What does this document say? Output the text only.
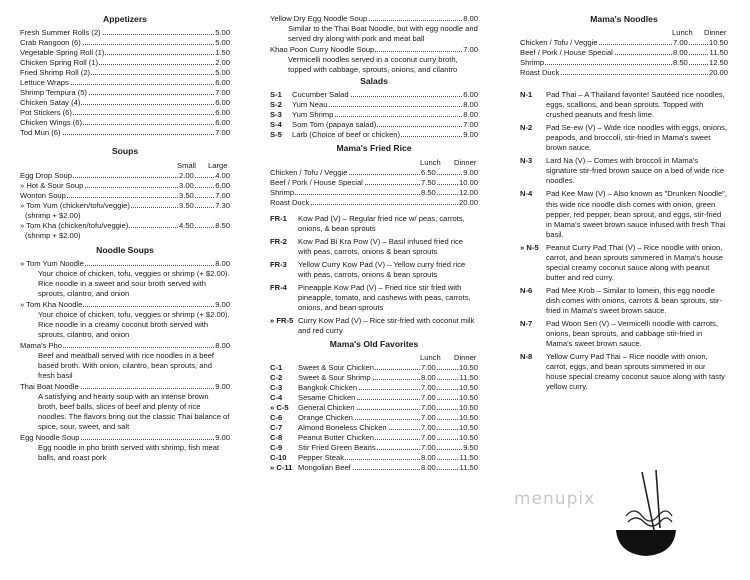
Appetizers
Fresh Summer Rolls (2)	5.00
Crab Rangoon (6)	5.00
Vegetable Spring Roll (1)	1.50
Chicken Spring Roll (1)	2.00
Fried Shrimp Roll (2)	5.00
Lettuce Wraps	6.00
Shrimp Tempura (5)	7.00
Chicken Satay (4)	6.00
Pot Stickers (6)	6.00
Chicken Wings (6)	6.00
Tod Mun (6)	7.00
Soups
Small Large
Egg Drop Soup	2.00	4.00
» Hot & Sour Soup	3.00	6.00
Wonton Soup	3.50	7.00
» Tom Yum (chicken/tofu/veggie)	3.50	7.30
(shrimp + $2.00)
» Tom Kha (chicken/tofu/veggie)	4.50	8.50
(shrimp + $2.00)
Noodle Soups
» Tom Yum Noodle	8.00
Your choice of chicken, tofu, veggies or shrimp (+ $2.00). Rice noodle in a sweet and sour broth served with sprouts, cilantro, and onion
» Tom Kha Noodle	9.00
Your choice of chicken, tofu, veggies or shrimp (+ $2.00). Rice noodle in a creamy coconut broth served with sprouts, cilantro, and onion
Mama's Pho	8.00
Beef and meatball served with rice noodles in a beef based broth. With onion, cilantro, bean sprouts, and fresh basil
Thai Boat Noodle	9.00
A satisfying and hearty soup with an intense brown broth, beef balls, slices of beef and plenty of rice noodles. The flavors bring out the classic Thai balance of spice, sour, sweet, and salt
Egg Noodle Soup	9.00
Egg noodle in pho broth served with shrimp, fish meat balls, and roast pork
Yellow Dry Egg Noodle Soup	8.00
Similar to the Thai Boat Noodle, but with egg noodle and served dry along with pork and meat ball
Khao Poon Curry Noodle Soup	7.00
Vermicelli noodles served in a coconut curry broth, topped with cabbage, sprouts, onions, and cilantro
Salads
S-1 Cucumber Salad	6.00
S-2 Yum Neau	8.00
S-3 Yum Shrimp	8.00
S-4 Som Tom (papaya salad)	7.00
S-5 Larb (Choice of beef or chicken)	9.00
Mama's Fried Rice
Lunch Dinner
Chicken / Tofu / Veggie	6.50	9.00
Beef / Pork / House Special	7.50	10.00
Shrimp	8.50	12.00
Roast Duck	20.00
FR-1	Kow Pad (V) – Regular fried rice w/ peas, carrots, onions, & bean sprouts
FR-2	Kow Pad Bi Kra Pow (V) – Basil infused fried rice with peas, carrots, onions & bean sprouts
FR-3	Yellow Curry Kow Pad (V) – Yellow curry fried rice with peas, carrots, onions & bean sprouts
FR-4	Pineapple Kow Pad (V) – Fried rice stir fried with pineapple, tomato, and cashews with peas, carrots, onions, and bean sprouts
» FR-5 Curry Kow Pad (V) – Rice stir-fried with coconut milk and red curry
Mama's Old Favorites
Lunch Dinner
C-1 Sweet & Sour Chicken	7.00	10.50
C-2 Sweet & Sour Shrimp	8.00	11.50
C-3 Bangkok Chicken	7.00	10.50
C-4 Sesame Chicken	7.00	10.50
» C-5 General Chicken	7.00	10.50
C-6 Orange Chicken	7.00	10.50
C-7 Almond Boneless Chicken	7.00	10.50
C-8 Peanut Butter Chicken	7.00	10.50
C-9 Stir Fried Green Beans	7.00	9.50
C-10 Pepper Steak	8.00	11.50
» C-11 Mongolian Beef	8.00	11.50
Mama's Noodles
Lunch Dinner
Chicken / Tofu / Veggie	7.00	10.50
Beef / Pork / House Special	8.00	11.50
Shrimp	8.50	12.50
Roast Duck	20.00
N-1	Pad Thai – A Thailand favorite! Sautéed rice noodles, eggs, scallions, and bean sprouts. Topped with crushed peanuts and fresh lime.
N-2	Pad Se-ew (V) – Wide rice noodles with eggs, onions, peapods, and broccoli, stir-fried in Mama's sweet brown sauce.
N-3	Lard Na (V) – Comes with broccoli in Mama's signature stir-fried brown sauce on a bed of wide rice noodles.
N-4	Pad Kee Maw (V) – Also known as "Drunken Noodle", this wide rice noodle dish comes with onion, green pepper, red pepper, bean sprout, and eggs, stir-fried in Mama's sweet brown sauce infused with fresh Thai basil.
» N-5 Peanut Curry Pad Thai (V) – Rice noodle with onion, carrot, and bean sprouts simmered in Mama's house special creamy coconut sauce along with peanut butter and red curry.
N-6	Pad Mee Krob – Similar to lomein, this egg noodle dish comes with onions, carrots & bean sprouts, stir-fried in Mama's sweet brown sauce.
N-7	Pad Woon Sen (V) – Vermicelli noodle with carrots, onions, bean sprouts, and cabbage stir-fried in Mama's sweet brown sauce.
N-8	Yellow Curry Pad Thai – Rice noodle with onion, carrot, eggs, and bean sprouts simmered in our house special creamy coconut sauce along with tasty yellow curry.
menupix
